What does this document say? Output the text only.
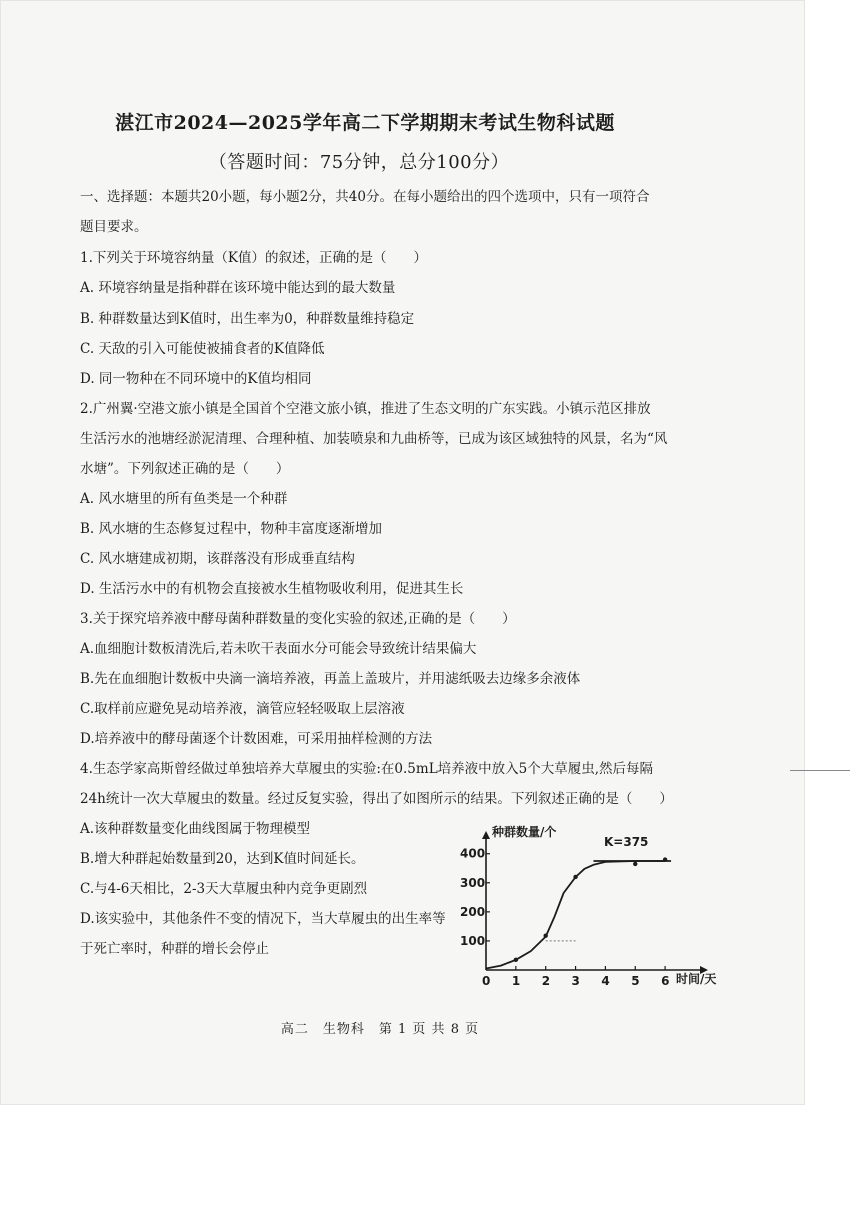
湛江市2024—2025学年高二下学期期末考试生物科试题
（答题时间：75分钟，总分100分）
一、选择题：本题共20小题，每小题2分，共40分。在每小题给出的四个选项中，只有一项符合
题目要求。
1.下列关于环境容纳量（K值）的叙述，正确的是（　　）
A. 环境容纳量是指种群在该环境中能达到的最大数量
B. 种群数量达到K值时，出生率为0，种群数量维持稳定
C. 天敌的引入可能使被捕食者的K值降低
D. 同一物种在不同环境中的K值均相同
2.广州翼·空港文旅小镇是全国首个空港文旅小镇，推进了生态文明的广东实践。小镇示范区排放
生活污水的池塘经淤泥清理、合理种植、加装喷泉和九曲桥等，已成为该区域独特的风景，名为“风
水塘”。下列叙述正确的是（　　）
A. 风水塘里的所有鱼类是一个种群
B. 风水塘的生态修复过程中，物种丰富度逐渐增加
C. 风水塘建成初期，该群落没有形成垂直结构
D. 生活污水中的有机物会直接被水生植物吸收利用，促进其生长
3.关于探究培养液中酵母菌种群数量的变化实验的叙述,正确的是（　　）
A.血细胞计数板清洗后,若未吹干表面水分可能会导致统计结果偏大
B.先在血细胞计数板中央滴一滴培养液，再盖上盖玻片，并用滤纸吸去边缘多余液体
C.取样前应避免晃动培养液，滴管应轻轻吸取上层溶液
D.培养液中的酵母菌逐个计数困难，可采用抽样检测的方法
4.生态学家高斯曾经做过单独培养大草履虫的实验:在0.5mL培养液中放入5个大草履虫,然后每隔
24h统计一次大草履虫的数量。经过反复实验，得出了如图所示的结果。下列叙述正确的是（　　）
A.该种群数量变化曲线图属于物理模型
B.增大种群起始数量到20，达到K值时间延长。
C.与4-6天相比，2-3天大草履虫种内竞争更剧烈
D.该实验中，其他条件不变的情况下，当大草履虫的出生率等
于死亡率时，种群的增长会停止
0 1 2 3 4 5 6
100
200
300
400
种群数量/个
时间/天
K=375
高二　生物科　第 1 页 共 8 页
